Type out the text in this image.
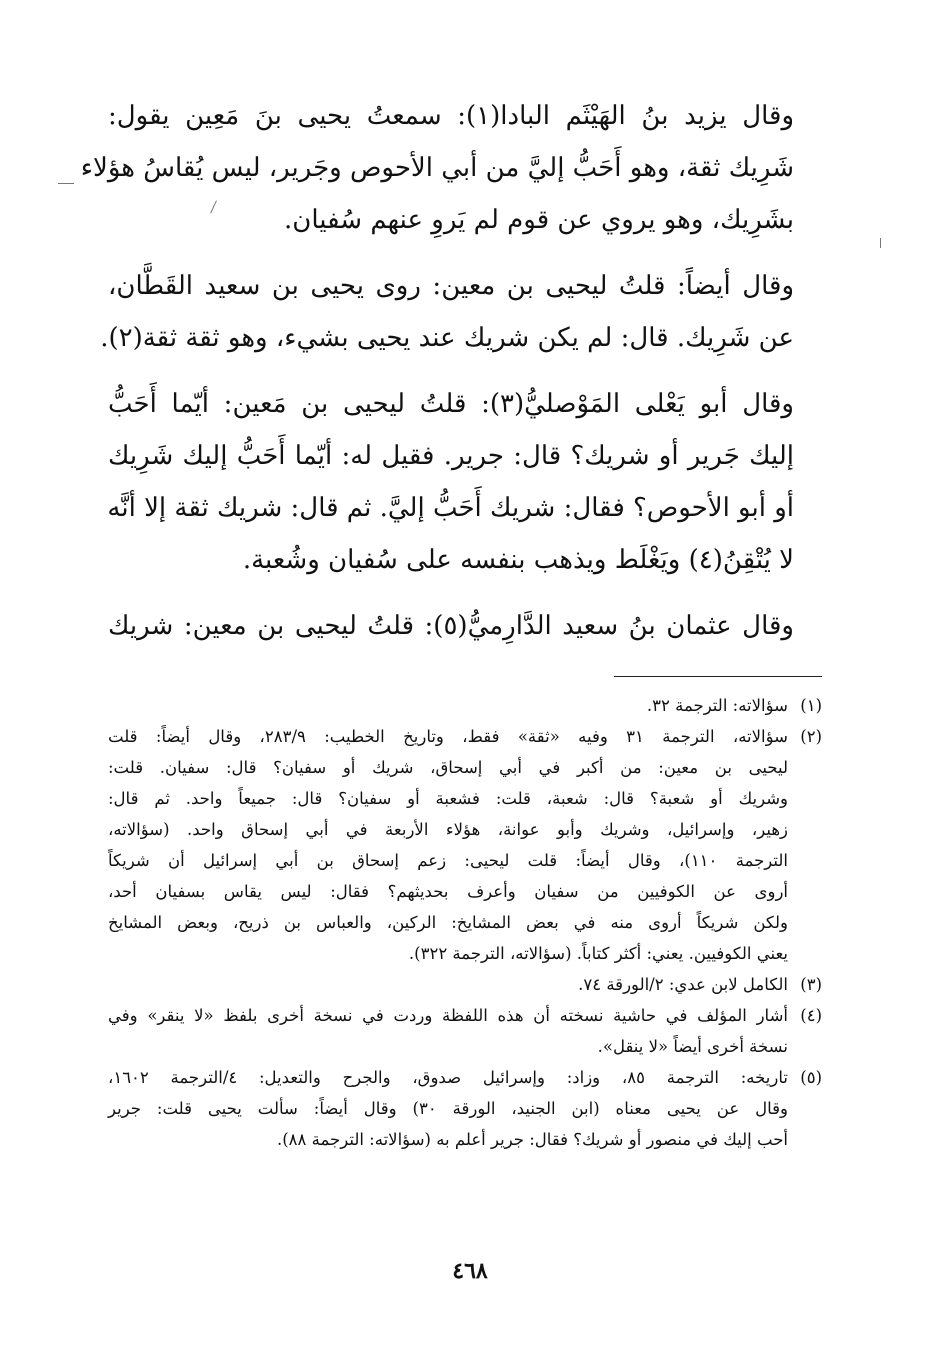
وقال يزيد بنُ الهَيْثَم البادا(١): سمعتُ يحيى بنَ مَعِين يقول:
شَرِيك ثقة، وهو أَحَبُّ إليَّ من أبي الأحوص وجَرير، ليس يُقاسُ هؤلاء
بشَرِيك، وهو يروي عن قوم لم يَروِ عنهم سُفيان.

وقال أيضاً: قلتُ ليحيى بن معين: روى يحيى بن سعيد القَطَّان،
عن شَرِيك. قال: لم يكن شريك عند يحيى بشيء، وهو ثقة ثقة(٢).

وقال أبو يَعْلى المَوْصليُّ(٣): قلتُ ليحيى بن مَعين: أيّما أَحَبُّ
إليك جَرير أو شريك؟ قال: جرير. فقيل له: أيّما أَحَبُّ إليك شَرِيك
أو أبو الأحوص؟ فقال: شريك أَحَبُّ إليَّ. ثم قال: شريك ثقة إلا أنَّه
لا يُتْقِنُ(٤) ويَغْلَط ويذهب بنفسه على سُفيان وشُعبة.

وقال عثمان بنُ سعيد الدَّارِميُّ(٥): قلتُ ليحيى بن معين: شريك

(١)
سؤالاته: الترجمة ٣٢.
(٢)
سؤالاته، الترجمة ٣١ وفيه «ثقة» فقط، وتاريخ الخطيب: ٢٨٣/٩، وقال أيضاً: قلت
ليحيى بن معين: من أكبر في أبي إسحاق، شريك أو سفيان؟ قال: سفيان. قلت:
وشريك أو شعبة؟ قال: شعبة، قلت: فشعبة أو سفيان؟ قال: جميعاً واحد. ثم قال:
زهير، وإسرائيل، وشريك وأبو عوانة، هؤلاء الأربعة في أبي إسحاق واحد. (سؤالاته،
الترجمة ١١٠)، وقال أيضاً: قلت ليحيى: زعم إسحاق بن أبي إسرائيل أن شريكاً
أروى عن الكوفيين من سفيان وأعرف بحديثهم؟ فقال: ليس يقاس بسفيان أحد،
ولكن شريكاً أروى منه في بعض المشايخ: الركين، والعباس بن ذريح، وبعض المشايخ
يعني الكوفيين. يعني: أكثر كتاباً. (سؤالاته، الترجمة ٣٢٢).
(٣)
الكامل لابن عدي: ٢/الورقة ٧٤.
(٤)
أشار المؤلف في حاشية نسخته أن هذه اللفظة وردت في نسخة أخرى بلفظ «لا ينقر» وفي
نسخة أخرى أيضاً «لا ينقل».
(٥)
تاريخه: الترجمة ٨٥، وزاد: وإسرائيل صدوق، والجرح والتعديل: ٤/الترجمة ١٦٠٢،
وقال عن يحيى معناه (ابن الجنيد، الورقة ٣٠) وقال أيضاً: سألت يحيى قلت: جرير
أحب إليك في منصور أو شريك؟ فقال: جرير أعلم به (سؤالاته: الترجمة ٨٨).
٤٦٨
